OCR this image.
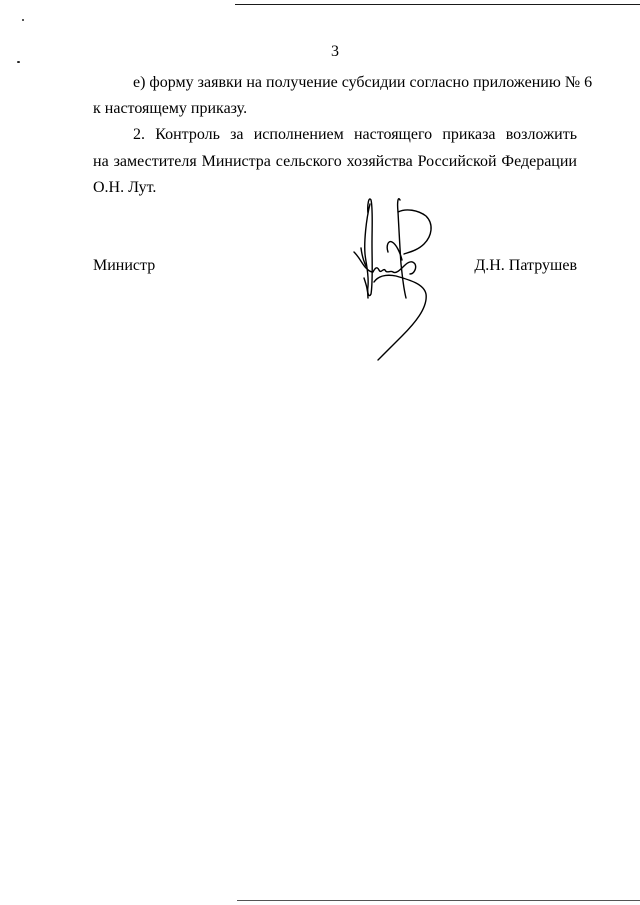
3
е) форму заявки на получение субсидии согласно приложению № 6
к настоящему приказу.
2. Контроль за исполнением настоящего приказа возложить
на заместителя Министра сельского хозяйства Российской Федерации
О.Н. Лут.
Министр	Д.Н. Патрушев
